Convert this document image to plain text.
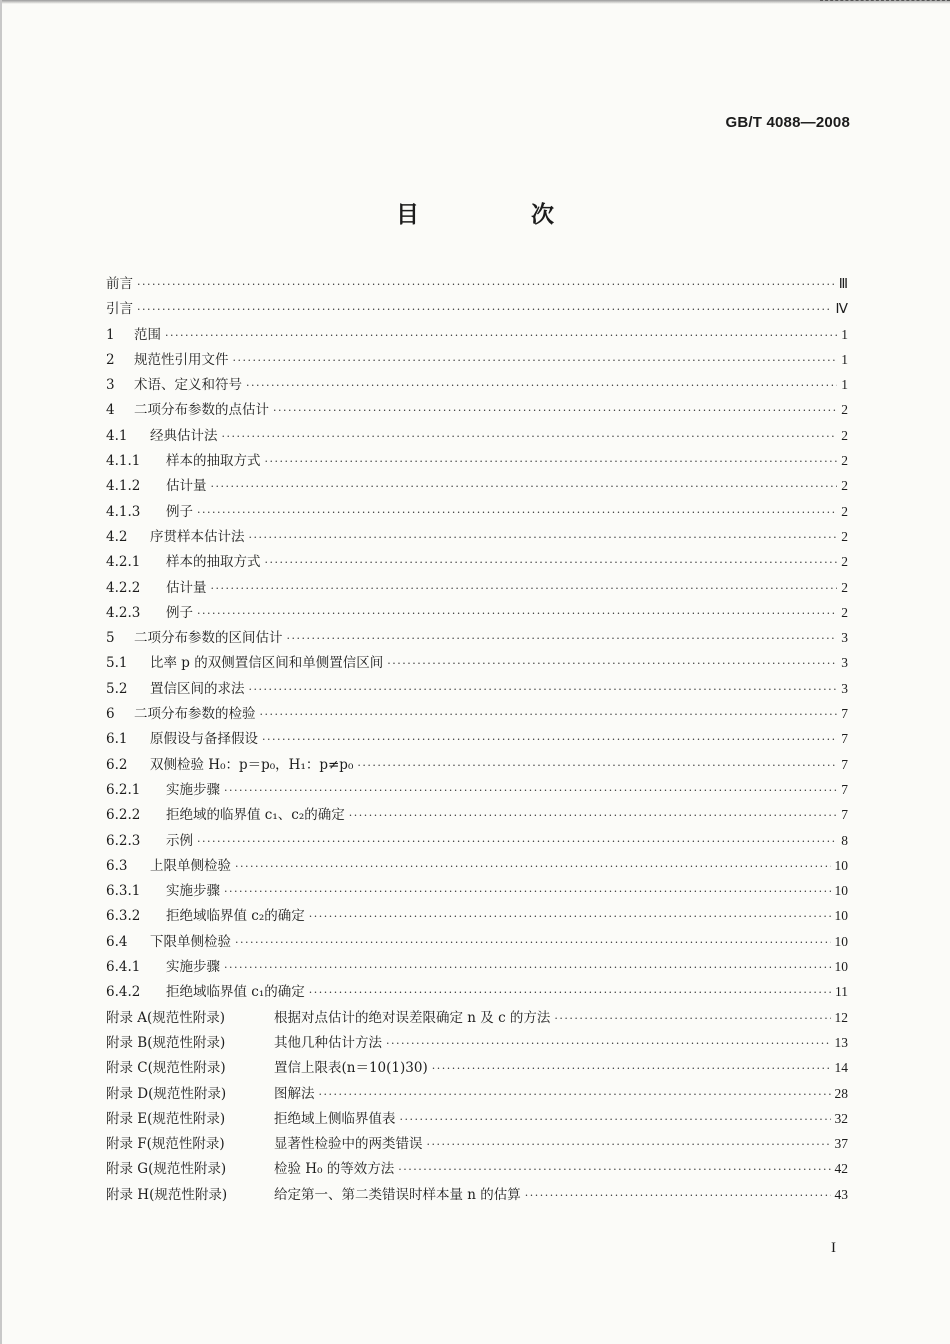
GB/T 4088—2008
目 次
前言 ·····	Ⅲ
引言 ·····	Ⅳ
1	范围 ·····	1
2	规范性引用文件 ·····	1
3	术语、定义和符号 ·····	1
4	二项分布参数的点估计 ·····	2
4.1	经典估计法 ·····	2
4.1.1	样本的抽取方式 ·····	2
4.1.2	估计量 ·····	2
4.1.3	例子 ·····	2
4.2	序贯样本估计法 ·····	2
4.2.1	样本的抽取方式 ·····	2
4.2.2	估计量 ·····	2
4.2.3	例子 ·····	2
5	二项分布参数的区间估计 ·····	3
5.1	比率 p 的双侧置信区间和单侧置信区间 ·····	3
5.2	置信区间的求法 ·····	3
6	二项分布参数的检验 ·····	7
6.1	原假设与备择假设 ·····	7
6.2	双侧检验 H₀：p＝p₀，H₁：p≠p₀ ·····	7
6.2.1	实施步骤 ·····	7
6.2.2	拒绝域的临界值 c₁、c₂的确定 ·····	7
6.2.3	示例 ·····	8
6.3	上限单侧检验 ·····	10
6.3.1	实施步骤 ·····	10
6.3.2	拒绝域临界值 c₂的确定 ·····	10
6.4	下限单侧检验 ·····	10
6.4.1	实施步骤 ·····	10
6.4.2	拒绝域临界值 c₁的确定 ·····	11
附录 A(规范性附录)	根据对点估计的绝对误差限确定 n 及 c 的方法 ·····	12
附录 B(规范性附录)	其他几种估计方法 ·····	13
附录 C(规范性附录)	置信上限表(n＝10(1)30) ·····	14
附录 D(规范性附录)	图解法 ·····	28
附录 E(规范性附录)	拒绝域上侧临界值表 ·····	32
附录 F(规范性附录)	显著性检验中的两类错误 ·····	37
附录 G(规范性附录)	检验 H₀ 的等效方法 ·····	42
附录 H(规范性附录)	给定第一、第二类错误时样本量 n 的估算 ·····	43
I
